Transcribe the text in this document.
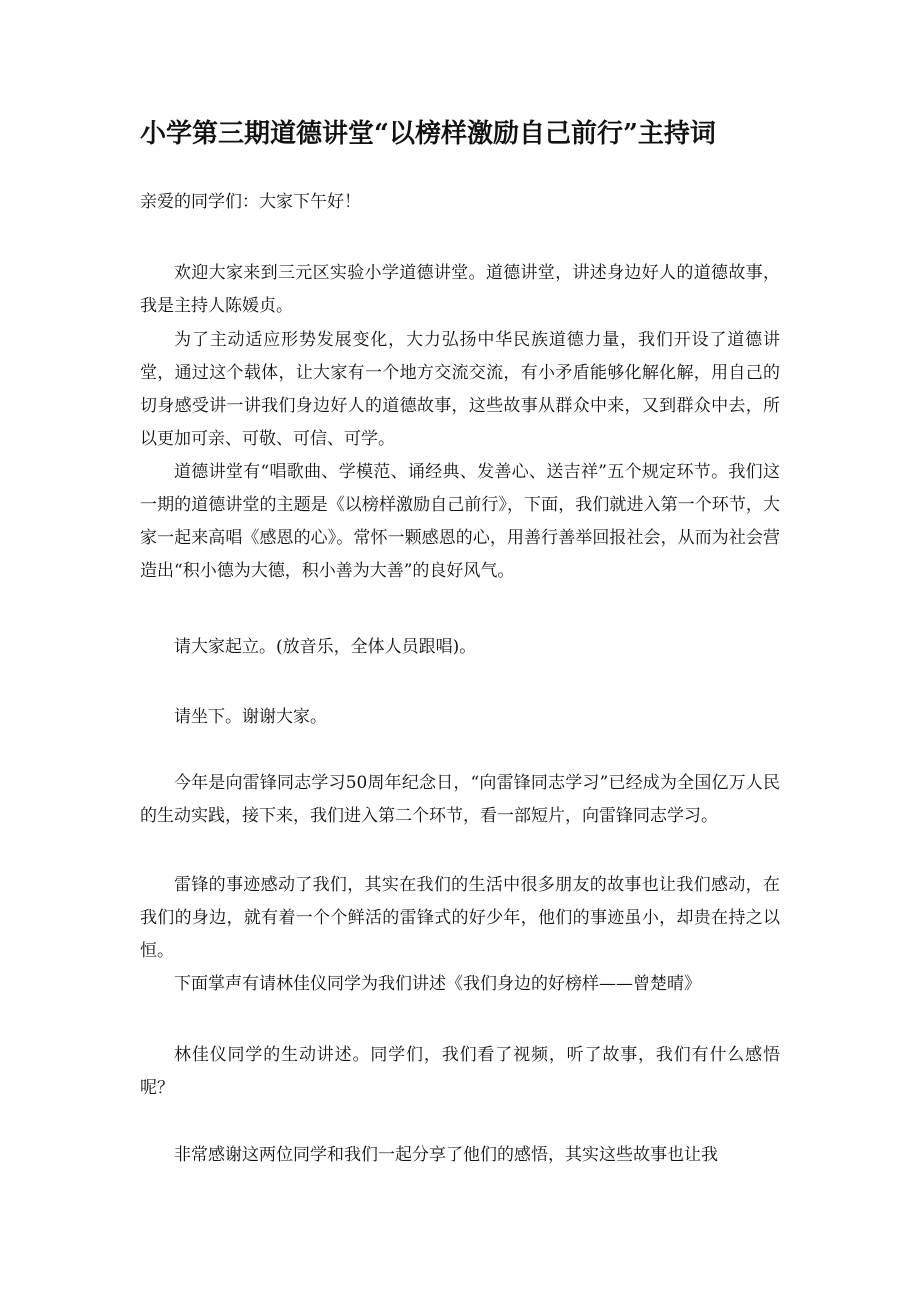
小学第三期道德讲堂“以榜样激励自己前行”主持词
亲爱的同学们：大家下午好！
欢迎大家来到三元区实验小学道德讲堂。道德讲堂，讲述身边好人的道德故事，我是主持人陈媛贞。
为了主动适应形势发展变化，大力弘扬中华民族道德力量，我们开设了道德讲堂，通过这个载体，让大家有一个地方交流交流，有小矛盾能够化解化解，用自己的切身感受讲一讲我们身边好人的道德故事，这些故事从群众中来，又到群众中去，所以更加可亲、可敬、可信、可学。
道德讲堂有“唱歌曲、学模范、诵经典、发善心、送吉祥”五个规定环节。我们这一期的道德讲堂的主题是《以榜样激励自己前行》，下面，我们就进入第一个环节，大家一起来高唱《感恩的心》。常怀一颗感恩的心，用善行善举回报社会，从而为社会营造出“积小德为大德，积小善为大善”的良好风气。
请大家起立。(放音乐，全体人员跟唱)。
请坐下。谢谢大家。
今年是向雷锋同志学习50周年纪念日，“向雷锋同志学习”已经成为全国亿万人民的生动实践，接下来，我们进入第二个环节，看一部短片，向雷锋同志学习。
雷锋的事迹感动了我们，其实在我们的生活中很多朋友的故事也让我们感动，在我们的身边，就有着一个个鲜活的雷锋式的好少年，他们的事迹虽小，却贵在持之以恒。
下面掌声有请林佳仪同学为我们讲述《我们身边的好榜样——曾楚晴》
林佳仪同学的生动讲述。同学们，我们看了视频，听了故事，我们有什么感悟呢？
非常感谢这两位同学和我们一起分享了他们的感悟，其实这些故事也让我
